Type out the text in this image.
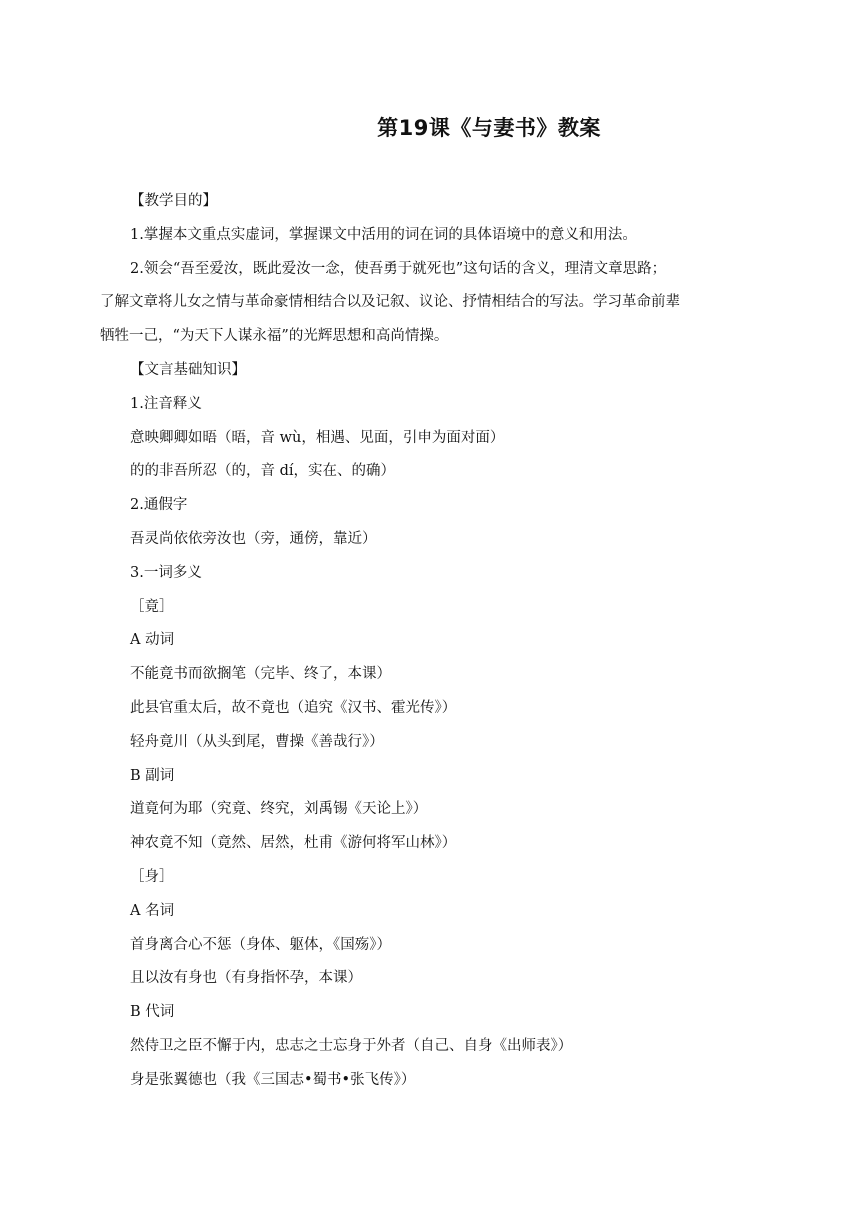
第19课《与妻书》教案
【教学目的】
1.掌握本文重点实虚词，掌握课文中活用的词在词的具体语境中的意义和用法。
2.领会“吾至爱汝，既此爱汝一念，使吾勇于就死也”这句话的含义，理清文章思路；
了解文章将儿女之情与革命豪情相结合以及记叙、议论、抒情相结合的写法。学习革命前辈
牺牲一己，“为天下人谋永福”的光辉思想和高尚情操。
【文言基础知识】
1.注音释义
意映卿卿如晤（晤，音 wù，相遇、见面，引申为面对面）
的的非吾所忍（的，音 dí，实在、的确）
2.通假字
吾灵尚依依旁汝也（旁，通傍，靠近）
3.一词多义
［竟］
A 动词
不能竟书而欲搁笔（完毕、终了，本课）
此县官重太后，故不竟也（追究《汉书、霍光传》）
轻舟竟川（从头到尾，曹操《善哉行》）
B 副词
道竟何为耶（究竟、终究，刘禹锡《天论上》）
神农竟不知（竟然、居然，杜甫《游何将军山林》）
［身］
A 名词
首身离合心不惩（身体、躯体，《国殇》）
且以汝有身也（有身指怀孕，本课）
B 代词
然侍卫之臣不懈于内，忠志之士忘身于外者（自己、自身《出师表》）
身是张翼德也（我《三国志•蜀书•张飞传》）
